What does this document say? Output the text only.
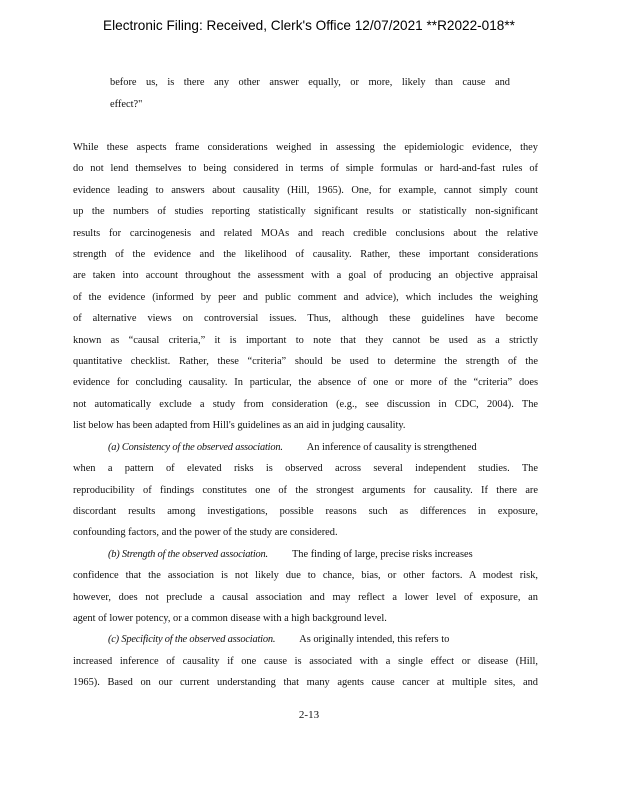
Electronic Filing: Received, Clerk's Office 12/07/2021 **R2022-018**
before us, is there any other answer equally, or more, likely than cause and
effect?"
While these aspects frame considerations weighed in assessing the epidemiologic evidence, they
do not lend themselves to being considered in terms of simple formulas or hard-and-fast rules of
evidence leading to answers about causality (Hill, 1965). One, for example, cannot simply count
up the numbers of studies reporting statistically significant results or statistically non-significant
results for carcinogenesis and related MOAs and reach credible conclusions about the relative
strength of the evidence and the likelihood of causality. Rather, these important considerations
are taken into account throughout the assessment with a goal of producing an objective appraisal
of the evidence (informed by peer and public comment and advice), which includes the weighing
of alternative views on controversial issues. Thus, although these guidelines have become
known as “causal criteria,” it is important to note that they cannot be used as a strictly
quantitative checklist. Rather, these “criteria” should be used to determine the strength of the
evidence for concluding causality. In particular, the absence of one or more of the “criteria” does
not automatically exclude a study from consideration (e.g., see discussion in CDC, 2004). The
list below has been adapted from Hill's guidelines as an aid in judging causality.
(a) Consistency of the observed association. An inference of causality is strengthened
when a pattern of elevated risks is observed across several independent studies. The
reproducibility of findings constitutes one of the strongest arguments for causality. If there are
discordant results among investigations, possible reasons such as differences in exposure,
confounding factors, and the power of the study are considered.
(b) Strength of the observed association. The finding of large, precise risks increases
confidence that the association is not likely due to chance, bias, or other factors. A modest risk,
however, does not preclude a causal association and may reflect a lower level of exposure, an
agent of lower potency, or a common disease with a high background level.
(c) Specificity of the observed association. As originally intended, this refers to
increased inference of causality if one cause is associated with a single effect or disease (Hill,
1965). Based on our current understanding that many agents cause cancer at multiple sites, and
2-13
